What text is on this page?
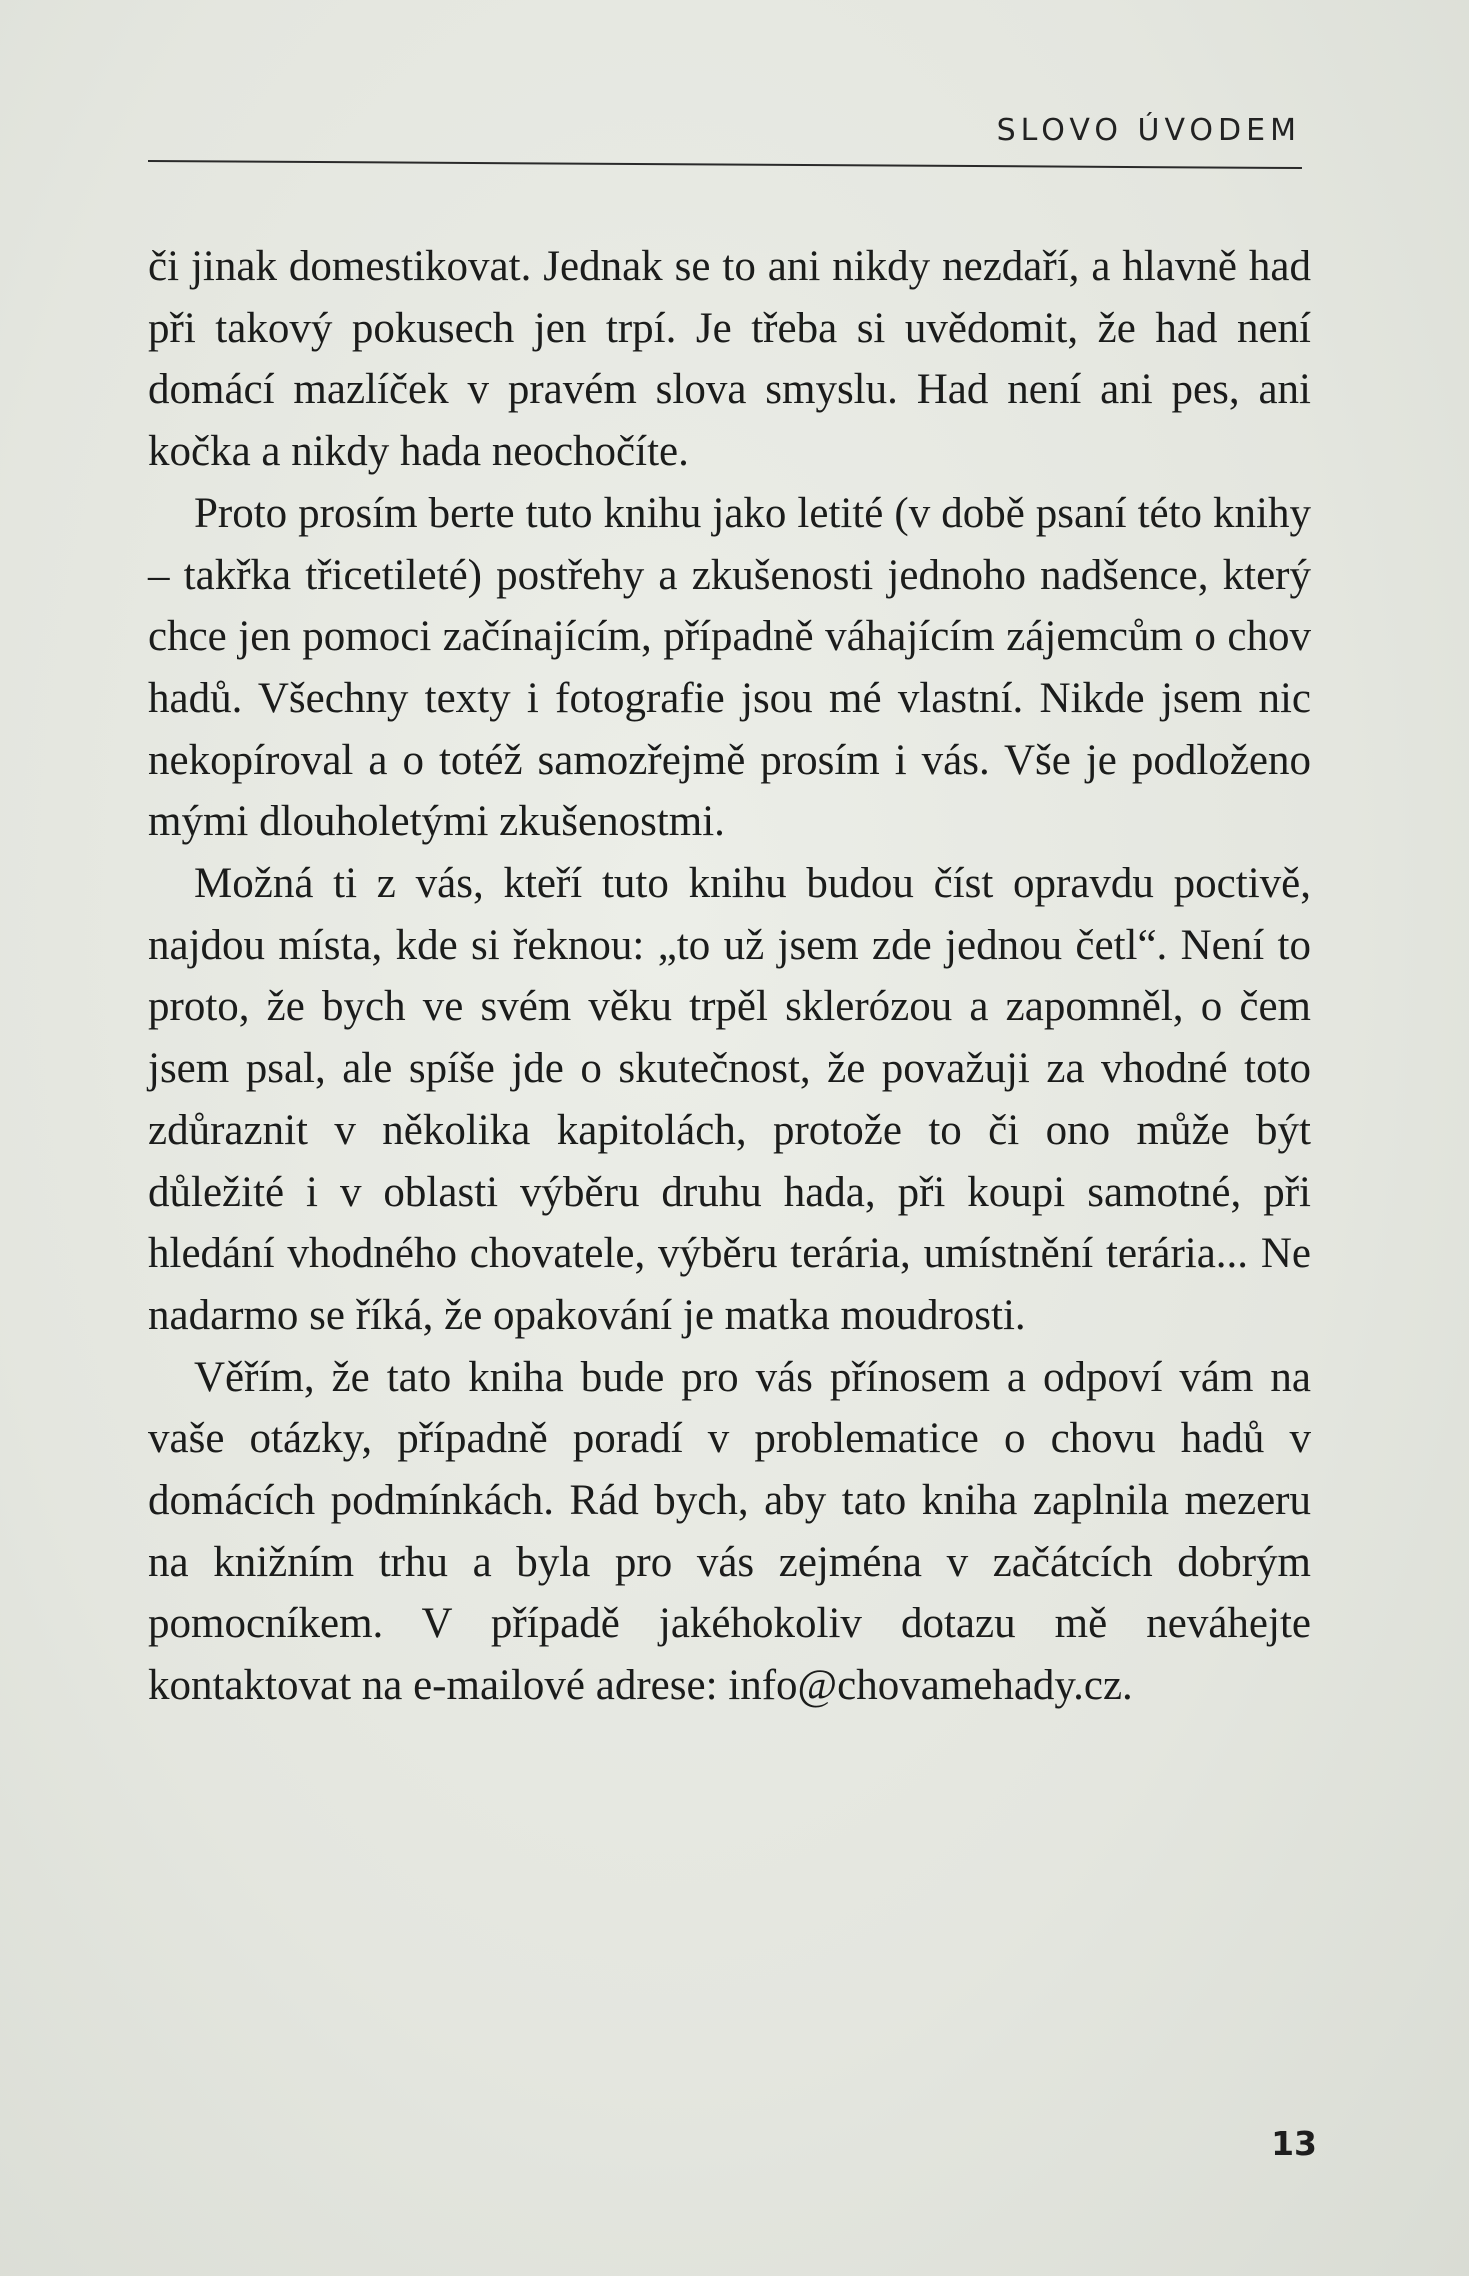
SLOVO ÚVODEM

či jinak domestikovat. Jednak se to ani nikdy nezdaří, a hlavně had při takový pokusech jen trpí. Je třeba si uvědomit, že had není domácí mazlíček v pravém slova smyslu. Had není ani pes, ani kočka a nikdy hada neochočíte.

Proto prosím berte tuto knihu jako letité (v době psaní této knihy – takřka třicetileté) postřehy a zkušenosti jednoho nadšence, který chce jen pomoci začínajícím, případně váhajícím zájemcům o chov hadů. Všechny texty i fotografie jsou mé vlastní. Nikde jsem nic nekopíroval a o totéž samozřejmě prosím i vás. Vše je podloženo mými dlouholetými zkušenostmi.

Možná ti z vás, kteří tuto knihu budou číst opravdu poctivě, najdou místa, kde si řeknou: „to už jsem zde jednou četl“. Není to proto, že bych ve svém věku trpěl sklerózou a zapomněl, o čem jsem psal, ale spíše jde o skutečnost, že považuji za vhodné toto zdůraznit v několika kapitolách, protože to či ono může být důležité i v oblasti výběru druhu hada, při koupi samotné, při hledání vhodného chovatele, výběru terária, umístnění terária... Ne nadarmo se říká, že opakování je matka moudrosti.

Věřím, že tato kniha bude pro vás přínosem a odpoví vám na vaše otázky, případně poradí v problematice o chovu hadů v domácích podmínkách. Rád bych, aby tato kniha zaplnila mezeru na knižním trhu a byla pro vás zejména v začátcích dobrým pomocníkem. V případě jakéhokoliv dotazu mě neváhejte kontaktovat na e-mailové adrese: info@chovamehady.cz.

13
